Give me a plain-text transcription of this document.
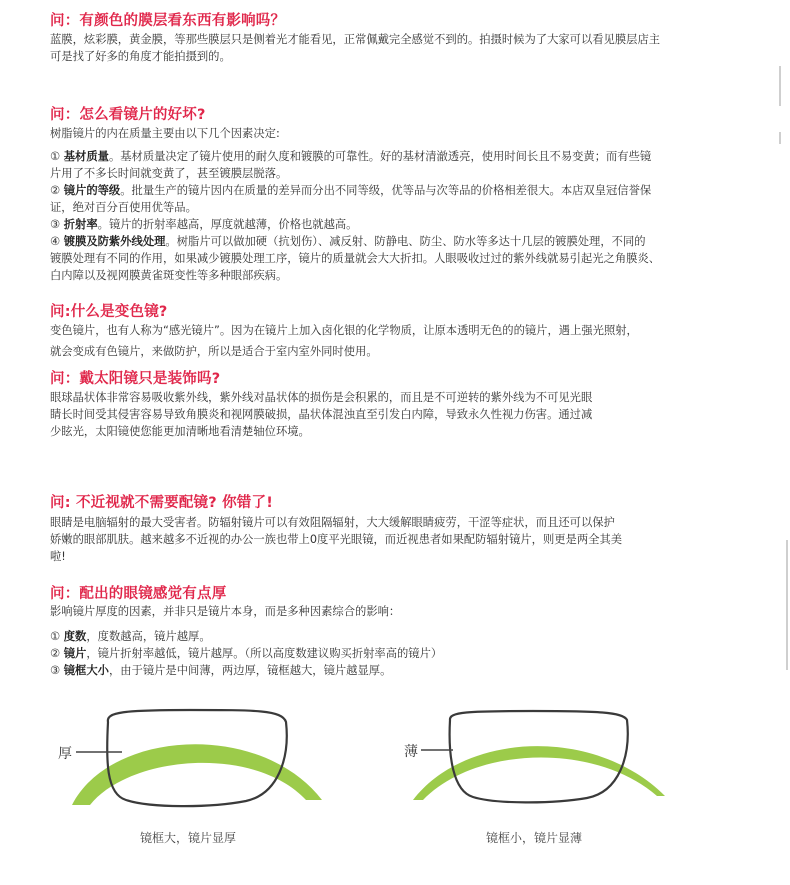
问：有颜色的膜层看东西有影响吗？
蓝膜，炫彩膜，黄金膜，等那些膜层只是侧着光才能看见，正常佩戴完全感觉不到的。拍摄时候为了大家可以看见膜层店主
可是找了好多的角度才能拍摄到的。
问：怎么看镜片的好坏?
树脂镜片的内在质量主要由以下几个因素决定:
① 基材质量。基材质量决定了镜片使用的耐久度和镀膜的可靠性。好的基材清澈透亮，使用时间长且不易变黄；而有些镜
片用了不多长时间就变黄了，甚至镀膜层脱落。
② 镜片的等级。批量生产的镜片因内在质量的差异而分出不同等级，优等品与次等品的价格相差很大。本店双皇冠信誉保
证，绝对百分百使用优等品。
③ 折射率。镜片的折射率越高，厚度就越薄，价格也就越高。
④ 镀膜及防紫外线处理。树脂片可以做加硬（抗划伤）、减反射、防静电、防尘、防水等多达十几层的镀膜处理，不同的
镀膜处理有不同的作用，如果减少镀膜处理工序，镜片的质量就会大大折扣。人眼吸收过过的紫外线就易引起光之角膜炎、
白内障以及视网膜黄雀斑变性等多种眼部疾病。
问:什么是变色镜?
变色镜片，也有人称为“感光镜片”。因为在镜片上加入卤化银的化学物质，让原本透明无色的的镜片，遇上强光照射，
就会变成有色镜片，来做防护，所以是适合于室内室外同时使用。
问：戴太阳镜只是装饰吗?
眼球晶状体非常容易吸收紫外线，紫外线对晶状体的损伤是会积累的，而且是不可逆转的紫外线为不可见光眼
睛长时间受其侵害容易导致角膜炎和视网膜破损，晶状体混浊直至引发白内障，导致永久性视力伤害。通过减
少眩光，太阳镜使您能更加清晰地看清楚轴位环境。
问: 不近视就不需要配镜? 你错了!
眼睛是电脑辐射的最大受害者。防辐射镜片可以有效阻隔辐射，大大缓解眼睛疲劳，干涩等症状，而且还可以保护
娇嫩的眼部肌肤。越来越多不近视的办公一族也带上0度平光眼镜，而近视患者如果配防辐射镜片，则更是两全其美
啦!
问：配出的眼镜感觉有点厚
影响镜片厚度的因素，并非只是镜片本身，而是多种因素综合的影响：
① 度数，度数越高，镜片越厚。
② 镜片，镜片折射率越低，镜片越厚。（所以高度数建议购买折射率高的镜片）
③ 镜框大小，由于镜片是中间薄，两边厚，镜框越大，镜片越显厚。
厚
镜框大，镜片显厚
薄
镜框小，镜片显薄
